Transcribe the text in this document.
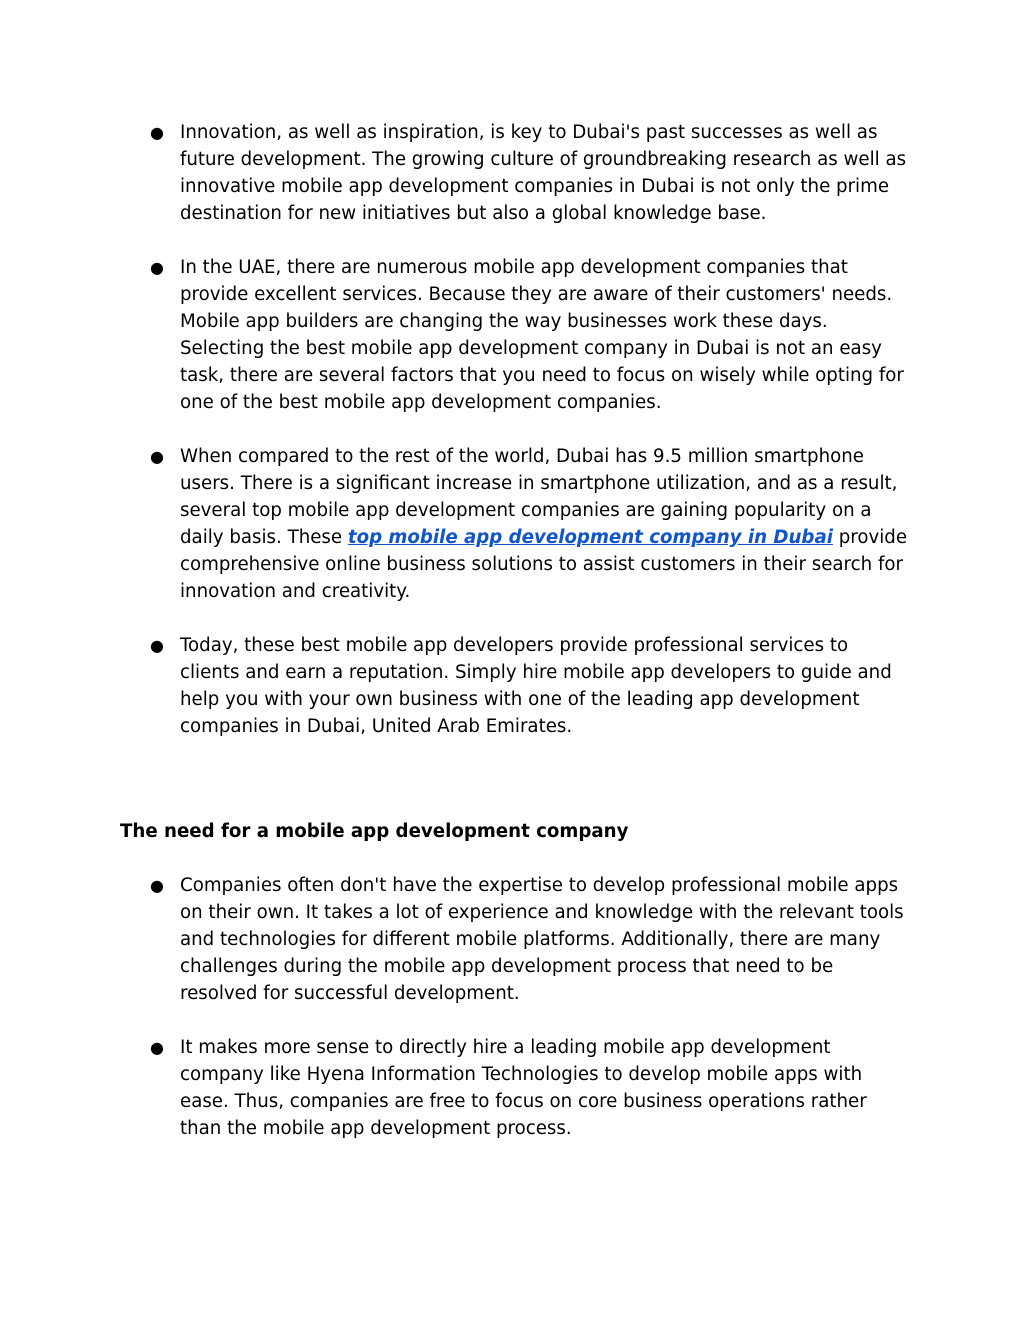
● Innovation, as well as inspiration, is key to Dubai's past successes as well as future development. The growing culture of groundbreaking research as well as innovative mobile app development companies in Dubai is not only the prime destination for new initiatives but also a global knowledge base.
● In the UAE, there are numerous mobile app development companies that provide excellent services. Because they are aware of their customers' needs. Mobile app builders are changing the way businesses work these days. Selecting the best mobile app development company in Dubai is not an easy task, there are several factors that you need to focus on wisely while opting for one of the best mobile app development companies.
● When compared to the rest of the world, Dubai has 9.5 million smartphone users. There is a significant increase in smartphone utilization, and as a result, several top mobile app development companies are gaining popularity on a daily basis. These top mobile app development company in Dubai provide comprehensive online business solutions to assist customers in their search for innovation and creativity.
● Today, these best mobile app developers provide professional services to clients and earn a reputation. Simply hire mobile app developers to guide and help you with your own business with one of the leading app development companies in Dubai, United Arab Emirates.
The need for a mobile app development company
● Companies often don't have the expertise to develop professional mobile apps on their own. It takes a lot of experience and knowledge with the relevant tools and technologies for different mobile platforms. Additionally, there are many challenges during the mobile app development process that need to be resolved for successful development.
● It makes more sense to directly hire a leading mobile app development company like Hyena Information Technologies to develop mobile apps with ease. Thus, companies are free to focus on core business operations rather than the mobile app development process.
